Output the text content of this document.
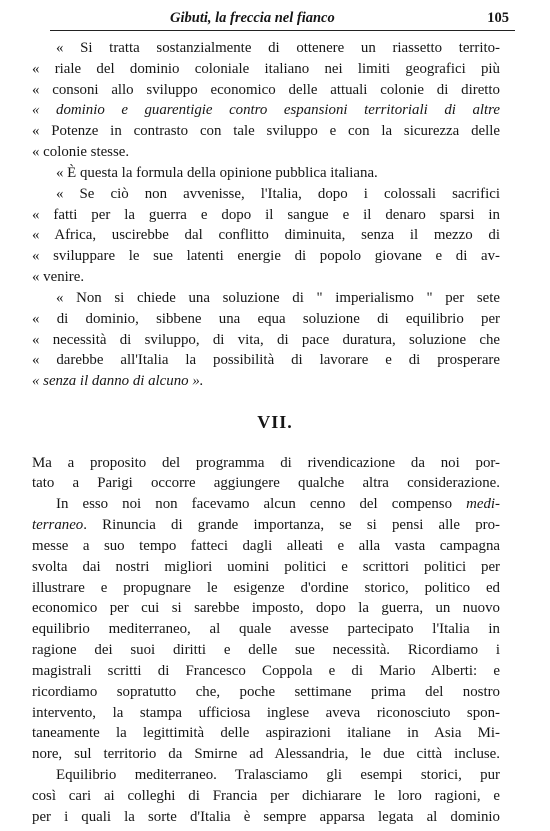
Gibuti, la freccia nel fianco	105
« Si tratta sostanzialmente di ottenere un riassetto territo-
« riale del dominio coloniale italiano nei limiti geografici più
« consoni allo sviluppo economico delle attuali colonie di diretto
« dominio e guarentigie contro espansioni territoriali di altre
« Potenze in contrasto con tale sviluppo e con la sicurezza delle
« colonie stesse.
« È questa la formula della opinione pubblica italiana.
« Se ciò non avvenisse, l'Italia, dopo i colossali sacrifici
« fatti per la guerra e dopo il sangue e il denaro sparsi in
« Africa, uscirebbe dal conflitto diminuita, senza il mezzo di
« sviluppare le sue latenti energie di popolo giovane e di av-
« venire.
« Non si chiede una soluzione di " imperialismo " per sete
« di dominio, sibbene una equa soluzione di equilibrio per
« necessità di sviluppo, di vita, di pace duratura, soluzione che
« darebbe all'Italia la possibilità di lavorare e di prosperare
« senza il danno di alcuno ».
VII.
Ma a proposito del programma di rivendicazione da noi por-
tato a Parigi occorre aggiungere qualche altra considerazione.
In esso noi non facevamo alcun cenno del compenso medi-
terraneo. Rinuncia di grande importanza, se si pensi alle pro-
messe a suo tempo fatteci dagli alleati e alla vasta campagna
svolta dai nostri migliori uomini politici e scrittori politici per
illustrare e propugnare le esigenze d'ordine storico, politico ed
economico per cui si sarebbe imposto, dopo la guerra, un nuovo
equilibrio mediterraneo, al quale avesse partecipato l'Italia in
ragione dei suoi diritti e delle sue necessità. Ricordiamo i
magistrali scritti di Francesco Coppola e di Mario Alberti: e
ricordiamo sopratutto che, poche settimane prima del nostro
intervento, la stampa ufficiosa inglese aveva riconosciuto spon-
taneamente la legittimità delle aspirazioni italiane in Asia Mi-
nore, sul territorio da Smirne ad Alessandria, le due città incluse.
Equilibrio mediterraneo. Tralasciamo gli esempi storici, pur
così cari ai colleghi di Francia per dichiarare le loro ragioni, e
per i quali la sorte d'Italia è sempre apparsa legata al dominio
